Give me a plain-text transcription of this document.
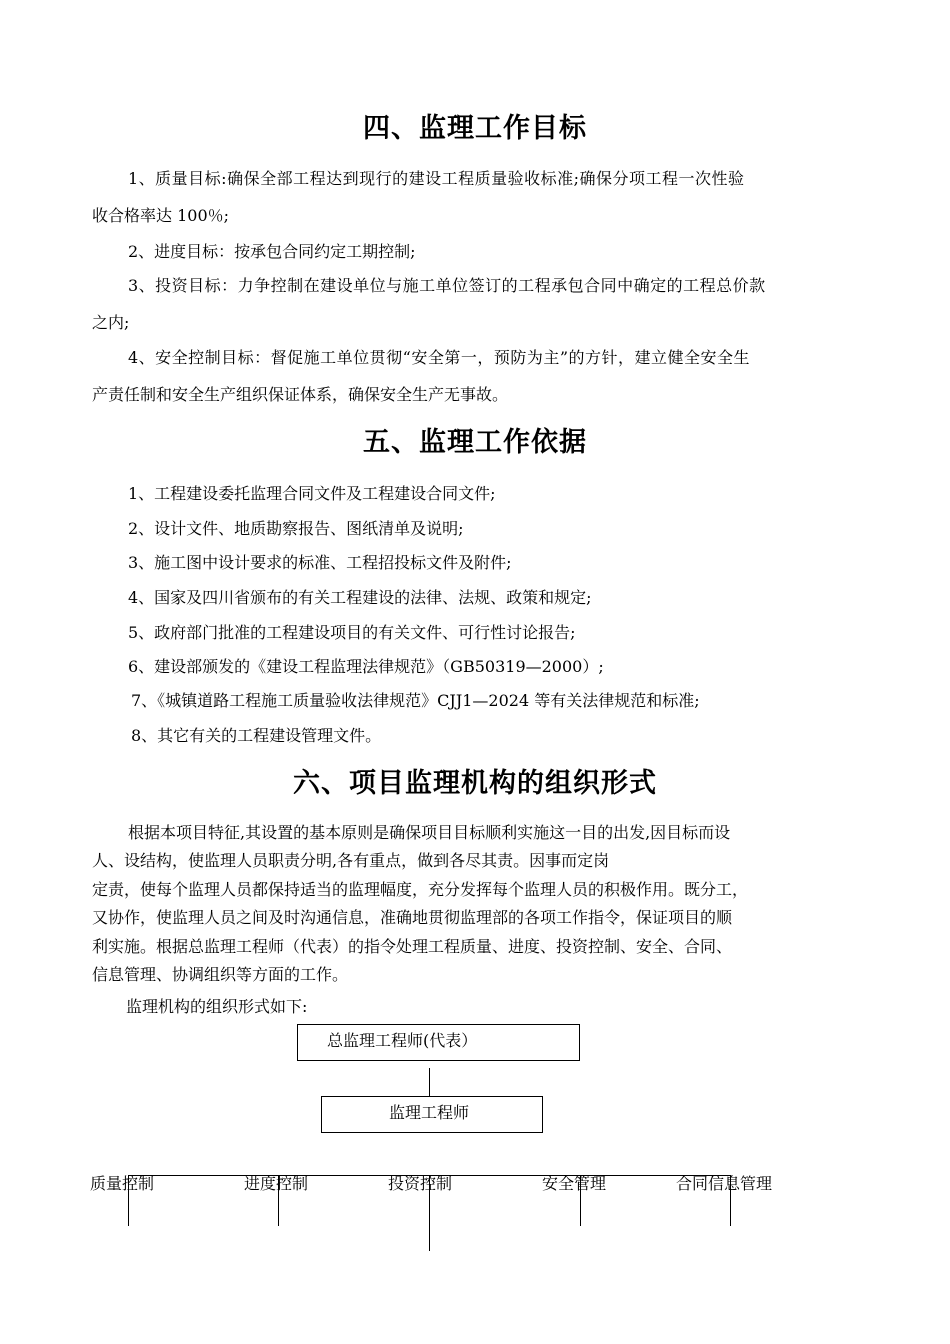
四、监理工作目标
1、质量目标:确保全部工程达到现行的建设工程质量验收标准;确保分项工程一次性验
收合格率达 100％;
2、进度目标：按承包合同约定工期控制;
3、投资目标：力争控制在建设单位与施工单位签订的工程承包合同中确定的工程总价款
之内;
4、安全控制目标：督促施工单位贯彻“安全第一，预防为主”的方针，建立健全安全生
产责任制和安全生产组织保证体系，确保安全生产无事故。
五、监理工作依据
1、工程建设委托监理合同文件及工程建设合同文件;
2、设计文件、地质勘察报告、图纸清单及说明;
3、施工图中设计要求的标准、工程招投标文件及附件;
4、国家及四川省颁布的有关工程建设的法律、法规、政策和规定;
5、政府部门批准的工程建设项目的有关文件、可行性讨论报告;
6、建设部颁发的《建设工程监理法律规范》（GB50319—2000）;
7、《城镇道路工程施工质量验收法律规范》CJJ1—2024 等有关法律规范和标准;
8、其它有关的工程建设管理文件。
六、项目监理机构的组织形式
根据本项目特征,其设置的基本原则是确保项目目标顺利实施这一目的出发,因目标而设
人、设结构，使监理人员职责分明,各有重点，做到各尽其责。因事而定岗
定责，使每个监理人员都保持适当的监理幅度，充分发挥每个监理人员的积极作用。既分工，
又协作，使监理人员之间及时沟通信息，准确地贯彻监理部的各项工作指令，保证项目的顺
利实施。根据总监理工程师（代表）的指令处理工程质量、进度、投资控制、安全、合同、
信息管理、协调组织等方面的工作。
监理机构的组织形式如下:
总监理工程师(代表）
监理工程师
质量控制	进度控制	投资控制	安全管理	合同信息管理
